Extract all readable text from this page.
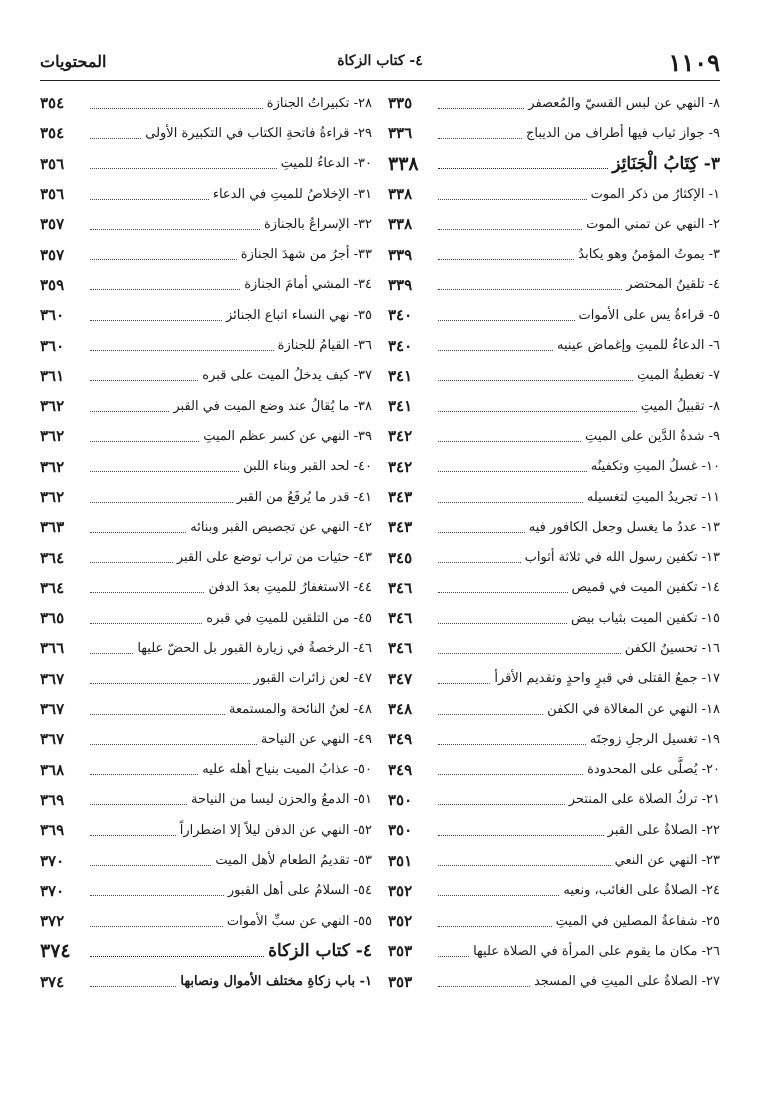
١١٠٩
٤- كتاب الزكاة
المحتويات
٨- النهي عن لبس القسيّ والمُعصفر
٣٣٥
٩- جواز ثياب فيها أطراف من الديباج
٣٣٦
٣- كِتَابُ الْجَنَائِز
٣٣٨
١- الإكثارُ من ذكر الموت
٣٣٨
٢- النهي عن تمني الموت
٣٣٨
٣- يموتُ المؤمنُ وهو يكابدُ
٣٣٩
٤- تلقينُ المحتضر
٣٣٩
٥- قراءةُ يس على الأموات
٣٤٠
٦- الدعاءُ للميتِ وإغماض عينيه
٣٤٠
٧- تغطيةُ الميتِ
٣٤١
٨- تقبيلُ الميتِ
٣٤١
٩- شدةُ الدَّين على الميتِ
٣٤٢
١٠- غسلُ الميتِ وتكفينُه
٣٤٢
١١- تجريدُ الميتِ لتغسيله
٣٤٣
١٣- عددُ ما يغسل وجعل الكافور فيه
٣٤٣
١٣- تكفين رسول الله في ثلاثة أثواب
٣٤٥
١٤- تكفين الميت في قميص
٣٤٦
١٥- تكفين الميت بثياب بيض
٣٤٦
١٦- تحسينُ الكفن
٣٤٦
١٧- جمعُ القتلى في قبرٍ واحدٍ وتقديم الأقرأ
٣٤٧
١٨- النهي عن المغالاة في الكفن
٣٤٨
١٩- تغسيل الرجلِ زوجتَه
٣٤٩
٢٠- يُصلَّى على المحدودة
٣٤٩
٢١- تركُ الصلاة على المنتحر
٣٥٠
٢٢- الصلاةُ على القبر
٣٥٠
٢٣- النهي عن النعي
٣٥١
٢٤- الصلاةُ على الغائب، ونعيه
٣٥٢
٢٥- شفاعةُ المصلين في الميتِ
٣٥٢
٢٦- مكان ما يقوم على المرأة في الصلاة عليها
٣٥٣
٢٧- الصلاةُ على الميتِ في المسجد
٣٥٣
٢٨- تكبيراتُ الجنازة
٣٥٤
٢٩- قراءةُ فاتحةِ الكتاب في التكبيرة الأولى
٣٥٤
٣٠- الدعاءُ للميتِ
٣٥٦
٣١- الإخلاصُ للميتِ في الدعاء
٣٥٦
٣٢- الإسراعُ بالجنازة
٣٥٧
٣٣- أجرُ من شهدَ الجنازة
٣٥٧
٣٤- المشي أمامَ الجنازة
٣٥٩
٣٥- نهي النساء اتباع الجنائز
٣٦٠
٣٦- القيامُ للجنازة
٣٦٠
٣٧- كيف يدخلُ الميت على قبره
٣٦١
٣٨- ما يُقالُ عند وضع الميت في القبر
٣٦٢
٣٩- النهي عن كسر عظم الميتِ
٣٦٢
٤٠- لحد القبر وبناء اللبن
٣٦٢
٤١- قدر ما يُرفَعُ من القبر
٣٦٢
٤٢- النهي عن تجصيص القبر وبنائه
٣٦٣
٤٣- حثيات من تراب توضع على القبر
٣٦٤
٤٤- الاستغفارُ للميتِ بعدَ الدفن
٣٦٤
٤٥- من التلقين للميتِ في قبره
٣٦٥
٤٦- الرخصةُ في زيارة القبور بل الحضّ عليها
٣٦٦
٤٧- لعن زائرات القبور
٣٦٧
٤٨- لعنُ النائحة والمستمعة
٣٦٧
٤٩- النهي عن النياحة
٣٦٧
٥٠- عذابُ الميت بنياح أهله عليه
٣٦٨
٥١- الدمعُ والحزن ليسا من النياحة
٣٦٩
٥٢- النهي عن الدفن ليلاً إلا اضطراراً
٣٦٩
٥٣- تقديمُ الطعام لأهل الميت
٣٧٠
٥٤- السلامُ على أهل القبور
٣٧٠
٥٥- النهي عن سبِّ الأموات
٣٧٢
٤- كتاب الزكاة
٣٧٤
١- باب زكاةِ مختلف الأموال ونصابها
٣٧٤
